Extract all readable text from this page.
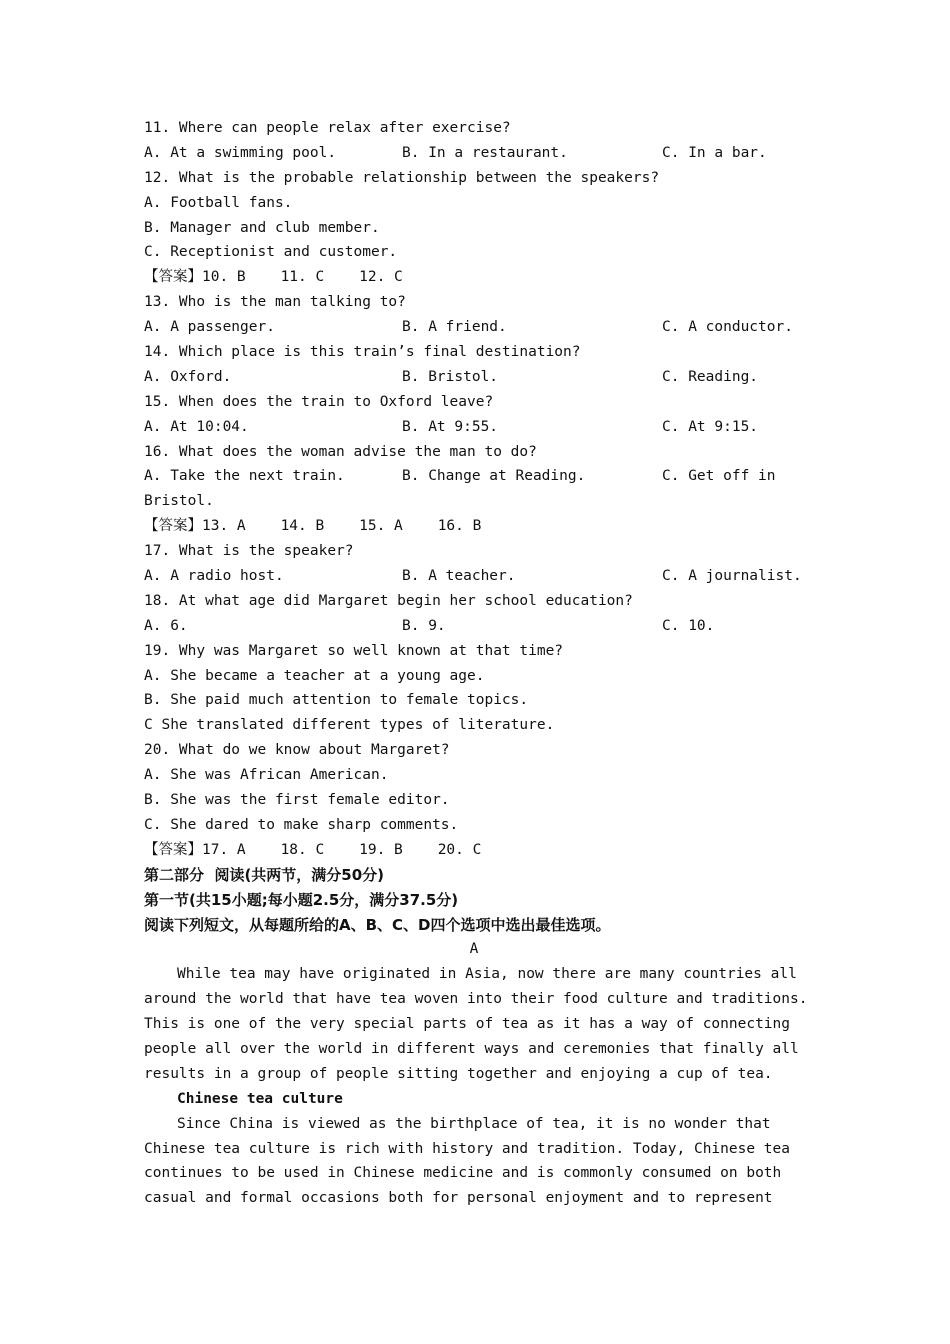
11. Where can people relax after exercise?
A. At a swimming pool.	B. In a restaurant.	C. In a bar.
12. What is the probable relationship between the speakers?
A. Football fans.
B. Manager and club member.
C. Receptionist and customer.
【答案】10. B    11. C    12. C
13. Who is the man talking to?
A. A passenger.	B. A friend.	C. A conductor.
14. Which place is this train’s final destination?
A. Oxford.	B. Bristol.	C. Reading.
15. When does the train to Oxford leave?
A. At 10:04.	B. At 9:55.	C. At 9:15.
16. What does the woman advise the man to do?
A. Take the next train.	B. Change at Reading.	C. Get off in
Bristol.
【答案】13. A    14. B    15. A    16. B
17. What is the speaker?
A. A radio host.	B. A teacher.	C. A journalist.
18. At what age did Margaret begin her school education?
A. 6.	B. 9.	C. 10.
19. Why was Margaret so well known at that time?
A. She became a teacher at a young age.
B. She paid much attention to female topics.
C She translated different types of literature.
20. What do we know about Margaret?
A. She was African American.
B. She was the first female editor.
C. She dared to make sharp comments.
【答案】17. A    18. C    19. B    20. C
第二部分  阅读(共两节，满分50分)
第一节(共15小题;每小题2.5分，满分37.5分)
阅读下列短文，从每题所给的A、B、C、D四个选项中选出最佳选项。
A
While tea may have originated in Asia, now there are many countries all
around the world that have tea woven into their food culture and traditions.
This is one of the very special parts of tea as it has a way of connecting
people all over the world in different ways and ceremonies that finally all
results in a group of people sitting together and enjoying a cup of tea.
Chinese tea culture
Since China is viewed as the birthplace of tea, it is no wonder that
Chinese tea culture is rich with history and tradition. Today, Chinese tea
continues to be used in Chinese medicine and is commonly consumed on both
casual and formal occasions both for personal enjoyment and to represent
